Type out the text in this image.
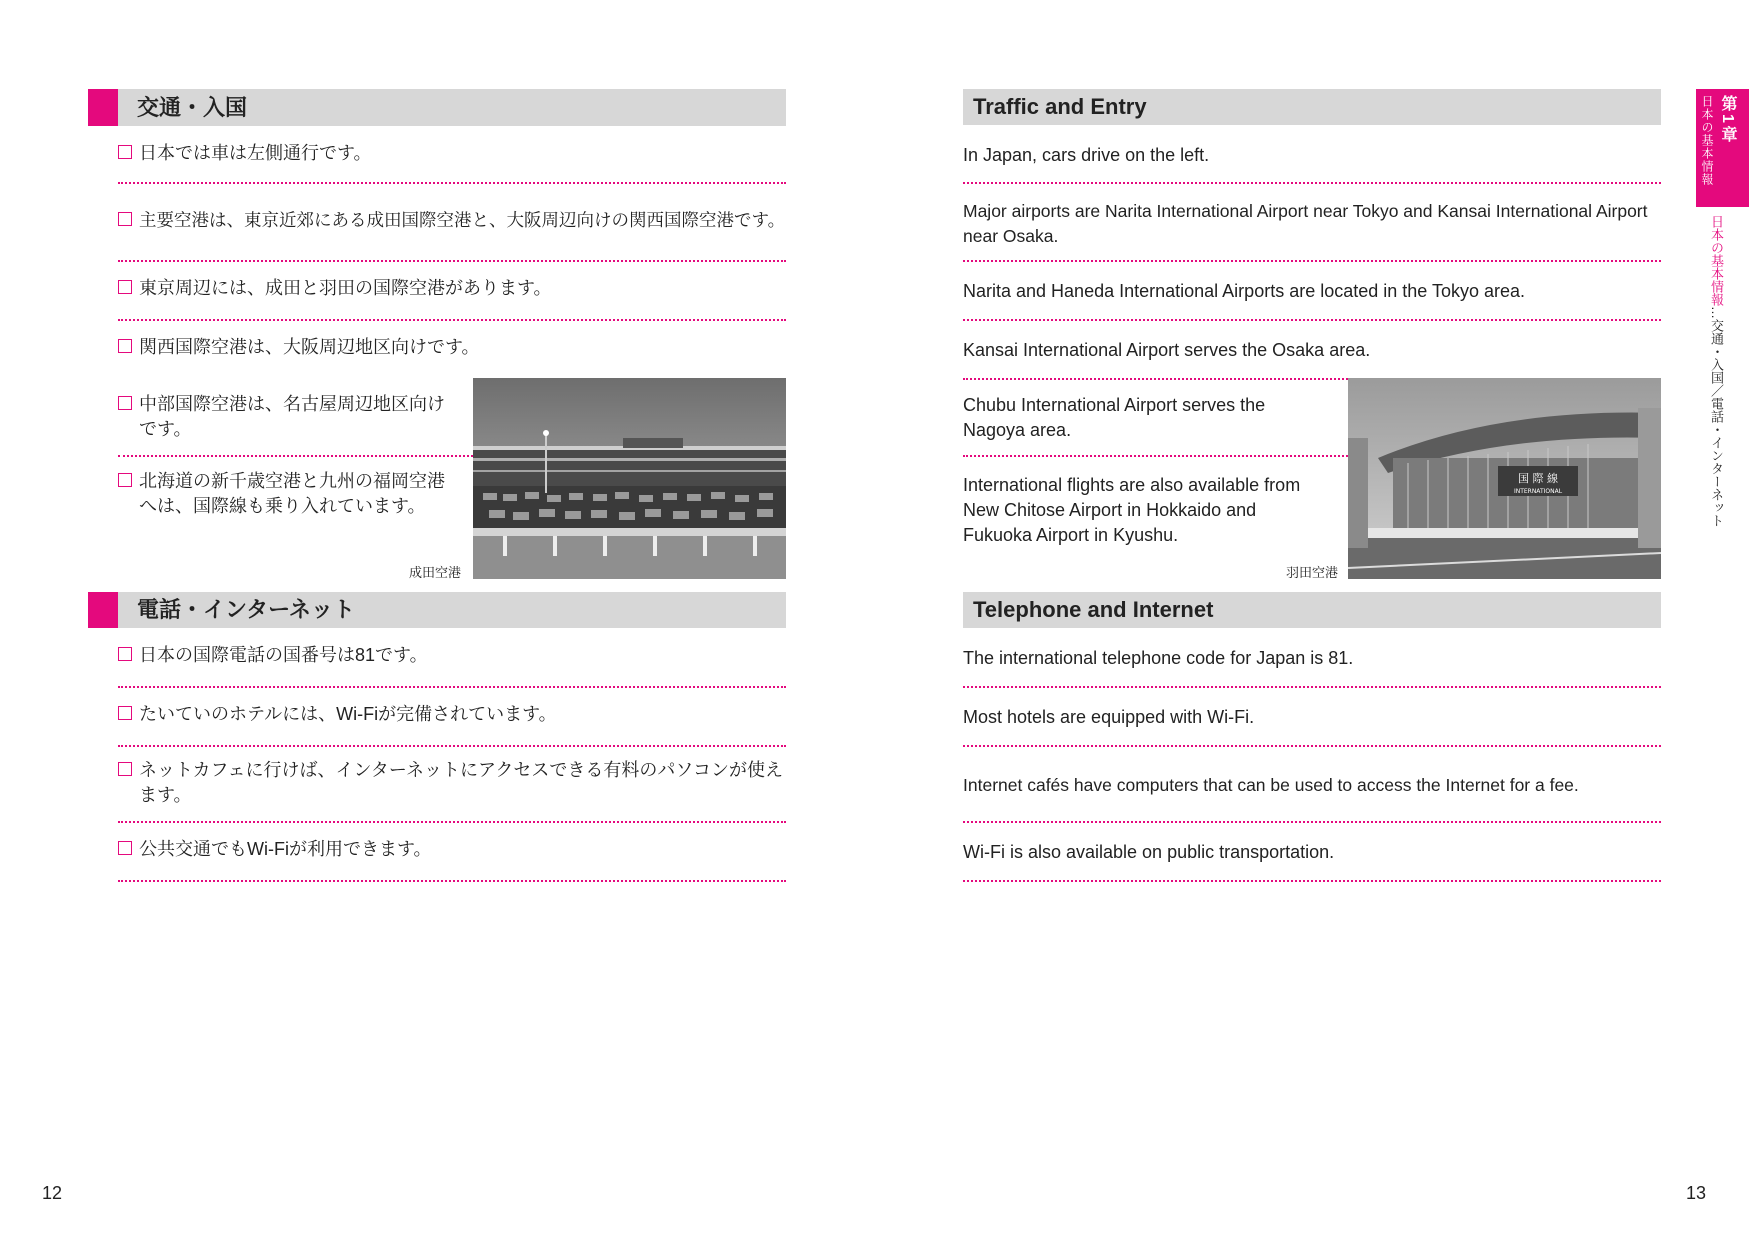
交通・入国
日本では車は左側通行です。
主要空港は、東京近郊にある成田国際空港と、大阪周辺向けの関西国際空港です。
東京周辺には、成田と羽田の国際空港があります。
関西国際空港は、大阪周辺地区向けです。
中部国際空港は、名古屋周辺地区向けです。
北海道の新千歳空港と九州の福岡空港へは、国際線も乗り入れています。
成田空港
電話・インターネット
日本の国際電話の国番号は81です。
たいていのホテルには、Wi-Fiが完備されています。
ネットカフェに行けば、インターネットにアクセスできる有料のパソコンが使えます。
公共交通でもWi-Fiが利用できます。
12
Traffic and Entry
In Japan, cars drive on the left.
Major airports are Narita International Airport near Tokyo and Kansai International Airport near Osaka.
Narita and Haneda International Airports are located in the Tokyo area.
Kansai International Airport serves the Osaka area.
Chubu International Airport serves the Nagoya area.
International flights are also available from New Chitose Airport in Hokkaido and Fukuoka Airport in Kyushu.
羽田空港
国 際 線
INTERNATIONAL
Telephone and Internet
The international telephone code for Japan is 81.
Most hotels are equipped with Wi-Fi.
Internet cafés have computers that can be used to access the Internet for a fee.
Wi-Fi is also available on public transportation.
13
第1章
日本の基本情報
日本の基本情報…交通・入国／電話・インターネット
